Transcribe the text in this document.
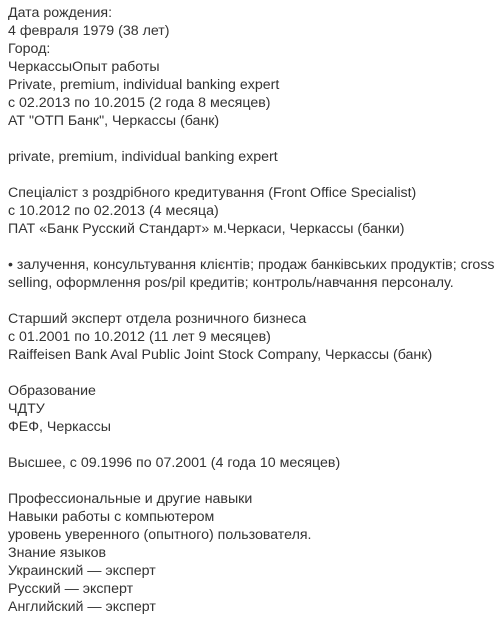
Дата рождения:
4 февраля 1979 (38 лет)
Город:
ЧеркассыОпыт работы
Private, premium, individual banking expert
с 02.2013 по 10.2015 (2 года 8 месяцев)
АТ "ОТП Банк", Черкассы (банк)
private, premium, individual banking expert
Спеціаліст з роздрібного кредитування (Front Office Specialist)
с 10.2012 по 02.2013 (4 месяца)
ПАТ «Банк Русский Стандарт» м.Черкаси, Черкассы (банки)
• залучення, консультування клієнтів; продаж банківських продуктів; cross selling, оформлення pos/pil кредитів; контроль/навчання персоналу.
Старший эксперт отдела розничного бизнеса
с 01.2001 по 10.2012 (11 лет 9 месяцев)
Raiffeisen Bank Aval Public Joint Stock Company, Черкассы (банк)
Образование
ЧДТУ
ФЕФ, Черкассы
Высшее, с 09.1996 по 07.2001 (4 года 10 месяцев)
Профессиональные и другие навыки
Навыки работы с компьютером
уровень уверенного (опытного) пользователя.
Знание языков
Украинский — эксперт
Русский — эксперт
Английский — эксперт
